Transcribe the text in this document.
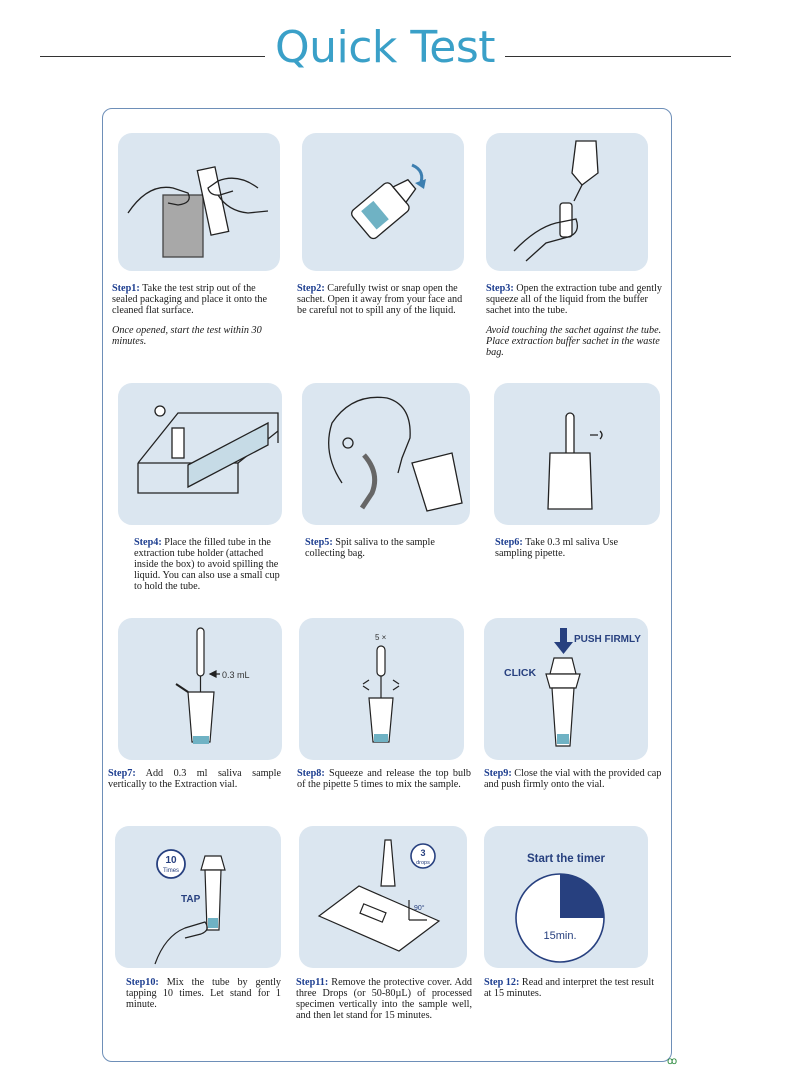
Quick Test
ꝏ
Step1: Take the test strip out of the sealed packaging and place it onto the cleaned flat surface.
Once opened, start the test within 30 minutes.
Step2: Carefully twist or snap open the sachet. Open it away from your face and be careful not to spill any of the liquid.
Step3: Open the extraction tube and gently squeeze all of the liquid from the buffer sachet into the tube.
Avoid touching the sachet against the tube. Place extraction buffer sachet in the waste bag.
Step4: Place the filled tube in the extraction tube holder (attached inside the box) to avoid spilling the liquid. You can also use a small cup to hold the tube.
Step5: Spit saliva to the sample collecting bag.
Step6: Take 0.3 ml saliva Use sampling pipette.
0.3 mL
5 ×	PUSH FIRMLY
CLICK
Step7: Add 0.3 ml saliva sample vertically to the Extraction vial.
Step8: Squeeze and release the top bulb of the pipette 5 times to mix the sample.
Step9: Close the vial with the provided cap and push firmly onto the vial.
10
Times
TAP
3
drops
90°
Start the timer
15min.
Step10: Mix the tube by gently tapping 10 times. Let stand for 1 minute.
Step11: Remove the protective cover. Add three Drops (or 50-80µL) of processed specimen vertically into the sample well, and then let stand for 15 minutes.
Step 12: Read and interpret the test result at 15 minutes.
